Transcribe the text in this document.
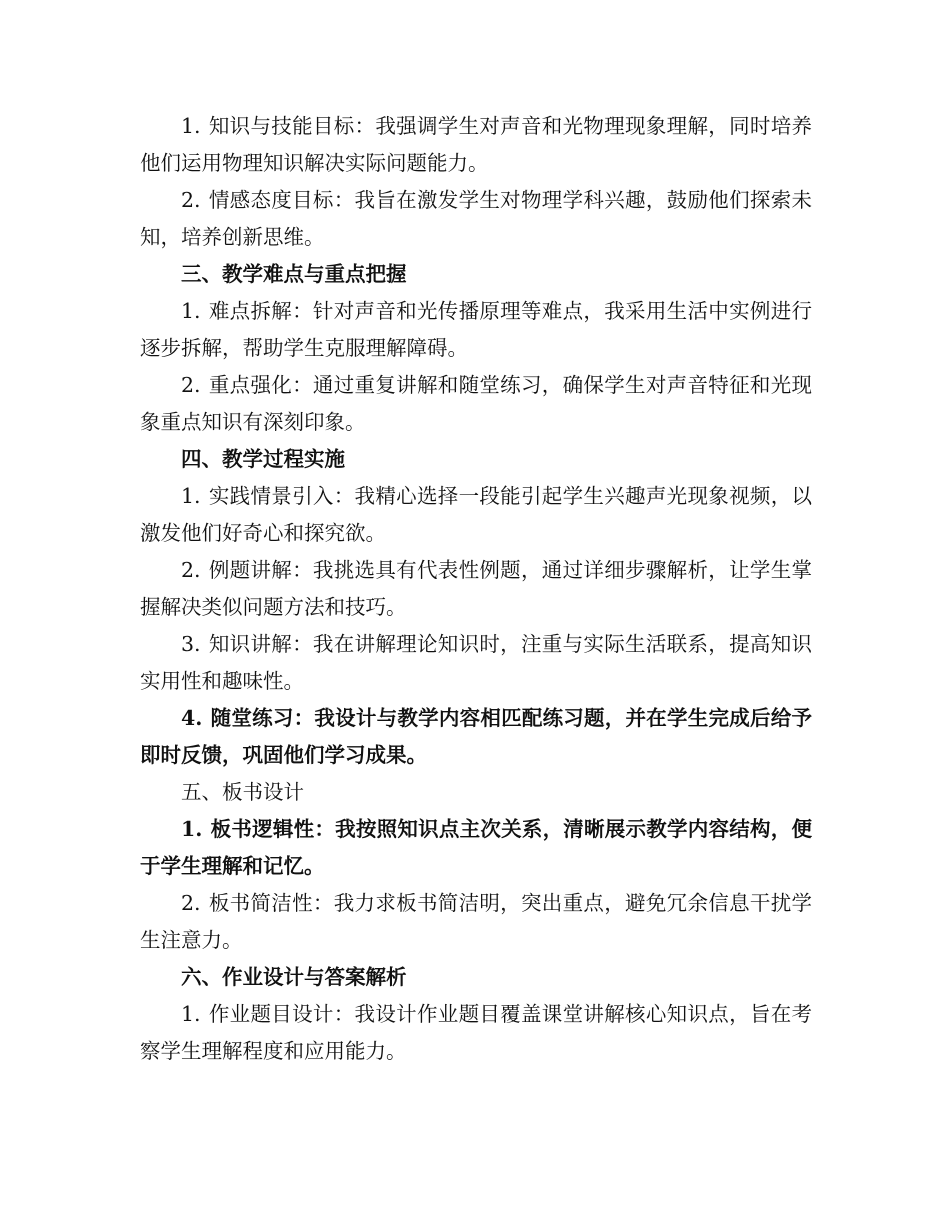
1. 知识与技能目标：我强调学生对声音和光物理现象理解，同时培养他们运用物理知识解决实际问题能力。

2. 情感态度目标：我旨在激发学生对物理学科兴趣，鼓励他们探索未知，培养创新思维。

三、教学难点与重点把握

1. 难点拆解：针对声音和光传播原理等难点，我采用生活中实例进行逐步拆解，帮助学生克服理解障碍。

2. 重点强化：通过重复讲解和随堂练习，确保学生对声音特征和光现象重点知识有深刻印象。

四、教学过程实施

1. 实践情景引入：我精心选择一段能引起学生兴趣声光现象视频，以激发他们好奇心和探究欲。

2. 例题讲解：我挑选具有代表性例题，通过详细步骤解析，让学生掌握解决类似问题方法和技巧。

3. 知识讲解：我在讲解理论知识时，注重与实际生活联系，提高知识实用性和趣味性。

4. 随堂练习：我设计与教学内容相匹配练习题，并在学生完成后给予即时反馈，巩固他们学习成果。

五、板书设计

1. 板书逻辑性：我按照知识点主次关系，清晰展示教学内容结构，便于学生理解和记忆。

2. 板书简洁性：我力求板书简洁明，突出重点，避免冗余信息干扰学生注意力。

六、作业设计与答案解析

1. 作业题目设计：我设计作业题目覆盖课堂讲解核心知识点，旨在考察学生理解程度和应用能力。
